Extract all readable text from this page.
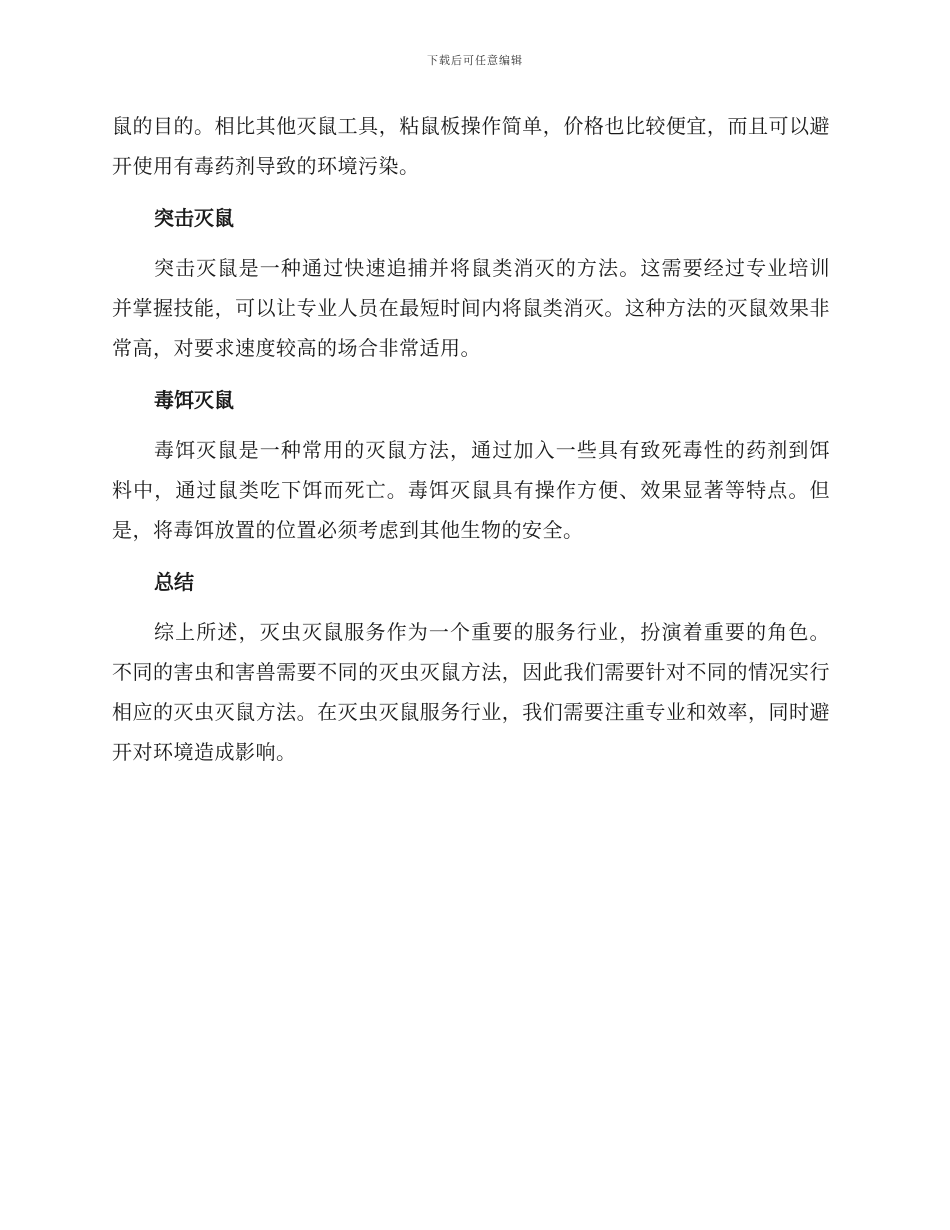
下载后可任意编辑

鼠的目的。相比其他灭鼠工具，粘鼠板操作简单，价格也比较便宜，而且可以避开使用有毒药剂导致的环境污染。

突击灭鼠

突击灭鼠是一种通过快速追捕并将鼠类消灭的方法。这需要经过专业培训并掌握技能，可以让专业人员在最短时间内将鼠类消灭。这种方法的灭鼠效果非常高，对要求速度较高的场合非常适用。

毒饵灭鼠

毒饵灭鼠是一种常用的灭鼠方法，通过加入一些具有致死毒性的药剂到饵料中，通过鼠类吃下饵而死亡。毒饵灭鼠具有操作方便、效果显著等特点。但是，将毒饵放置的位置必须考虑到其他生物的安全。

总结

综上所述，灭虫灭鼠服务作为一个重要的服务行业，扮演着重要的角色。不同的害虫和害兽需要不同的灭虫灭鼠方法，因此我们需要针对不同的情况实行相应的灭虫灭鼠方法。在灭虫灭鼠服务行业，我们需要注重专业和效率，同时避开对环境造成影响。
